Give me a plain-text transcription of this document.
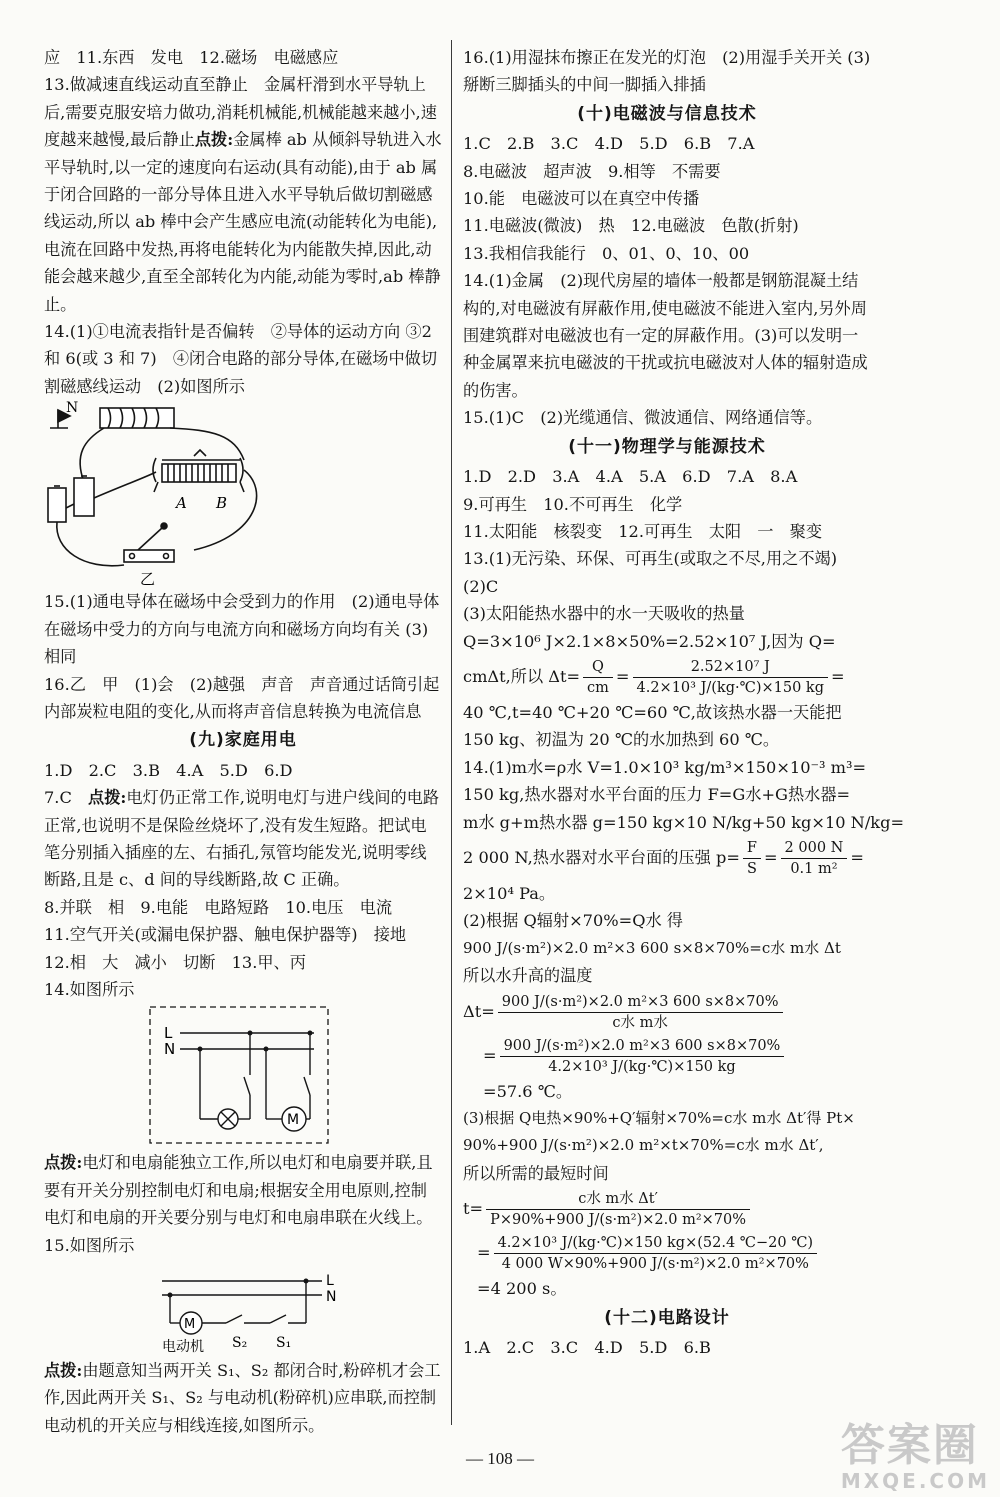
应　11.东西　发电　12.磁场　电磁感应

13.做减速直线运动直至静止　金属杆滑到水平导轨上后,需要克服安培力做功,消耗机械能,机械能越来越小,速度越来越慢,最后静止点拨:金属棒 ab 从倾斜导轨进入水平导轨时,以一定的速度向右运动(具有动能),由于 ab 属于闭合回路的一部分导体且进入水平导轨后做切割磁感线运动,所以 ab 棒中会产生感应电流(动能转化为电能),电流在回路中发热,再将电能转化为内能散失掉,因此,动能会越来越少,直至全部转化为内能,动能为零时,ab 棒静止。

14.(1)①电流表指针是否偏转　②导体的运动方向 ③2 和 6(或 3 和 7)　④闭合电路的部分导体,在磁场中做切割磁感线运动　(2)如图所示

N
A B
乙

15.(1)通电导体在磁场中会受到力的作用　(2)通电导体在磁场中受力的方向与电流方向和磁场方向均有关 (3)相同

16.乙　甲　(1)会　(2)越强　声音　声音通过话筒引起内部炭粒电阻的变化,从而将声音信息转换为电流信息

(九)家庭用电

1.D　2.C　3.B　4.A　5.D　6.D

7.C　 点拨:电灯仍正常工作,说明电灯与进户线间的电路正常,也说明不是保险丝烧坏了,没有发生短路。把试电笔分别插入插座的左、右插孔,氖管均能发光,说明零线断路,且是 c、d 间的导线断路,故 C 正确。

8.并联　相　9.电能　电路短路　10.电压　电流

11.空气开关(或漏电保护器、触电保护器等)　接地

12.相　大　减小　切断　13.甲、丙

14.如图所示

L
N
M

点拨:电灯和电扇能独立工作,所以电灯和电扇要并联,且要有开关分别控制电灯和电扇;根据安全用电原则,控制电灯和电扇的开关要分别与电灯和电扇串联在火线上。

15.如图所示

L
N
M
电动机 S₂ S₁

点拨:由题意知当两开关 S₁、S₂ 都闭合时,粉碎机才会工作,因此两开关 S₁、S₂ 与电动机(粉碎机)应串联,而控制电动机的开关应与相线连接,如图所示。

16.(1)用湿抹布擦正在发光的灯泡　(2)用湿手关开关 (3)掰断三脚插头的中间一脚插入排插

(十)电磁波与信息技术

1.C　2.B　3.C　4.D　5.D　6.B　7.A

8.电磁波　超声波　9.相等　不需要

10.能　电磁波可以在真空中传播

11.电磁波(微波)　热　12.电磁波　色散(折射)

13.我相信我能行　0、01、0、10、00

14.(1)金属　(2)现代房屋的墙体一般都是钢筋混凝土结构的,对电磁波有屏蔽作用,使电磁波不能进入室内,另外周围建筑群对电磁波也有一定的屏蔽作用。(3)可以发明一种金属罩来抗电磁波的干扰或抗电磁波对人体的辐射造成的伤害。

15.(1)C　(2)光缆通信、微波通信、网络通信等。

(十一)物理学与能源技术

1.D　2.D　3.A　4.A　5.A　6.D　7.A　8.A

9.可再生　10.不可再生　化学

11.太阳能　核裂变　12.可再生　太阳　一　聚变

13.(1)无污染、环保、可再生(或取之不尽,用之不竭)

(2)C

(3)太阳能热水器中的水一天吸收的热量

Q=3×10⁶ J×2.1×8×50%=2.52×10⁷ J,因为 Q=

cmΔt,所以 $\Delta t= \frac{Q}{cm} = \frac{\text{2.52×10⁷ J}}{\text{4.2×10³ J/(kg·℃)×150 kg}}$ =

40 ℃,t=40 ℃+20 ℃=60 ℃,故该热水器一天能把

150 kg、初温为 20 ℃的水加热到 60 ℃。

14.(1)m水=ρ水 V=1.0×10³ kg/m³×150×10⁻³ m³=

150 kg,热水器对水平台面的压力 F=G水+G热水器=

m水 g+m热水器 g=150 kg×10 N/kg+50 kg×10 N/kg=

2 000 N,热水器对水平台面的压强 $p= \frac{F}{S} = \frac{2 000 N}{\text{0.1 m²}}$ =

2×10⁴ Pa。

(2)根据 Q辐射×70%=Q水 得

900 J/(s·m²)×2.0 m²×3 600 s×8×70%=c水 m水 Δt

所以水升高的温度

$\Delta t= \frac{\text{900 J/(s·m²)×2.0 m²×3 600 s×8×70\%}}{\text{c水 m水}}$

= $\frac{\text{900 J/(s·m²)×2.0 m²×3 600 s×8×70\%}}{\text{4.2×10³ J/(kg·℃)×150 kg}}$

=57.6 ℃。

(3)根据 Q电热×90%+Q′辐射×70%=c水 m水 Δt′得 Pt×

90%+900 J/(s·m²)×2.0 m²×t×70%=c水 m水 Δt′,

所以所需的最短时间

$t= \frac{\text{c水 m水 Δt′}}{\text{P×90\%+900 J/(s·m²)×2.0 m²×70\%}}$

= $\frac{\text{4.2×10³ J/(kg·℃)×150 kg×(52.4 ℃−20 ℃)}}{\text{4 000 W×90\%+900 J/(s·m²)×2.0 m²×70\%}}$

=4 200 s。

(十二)电路设计

1.A　2.C　3.C　4.D　5.D　6.B

— 108 —	答案圈
MXQE.COM
